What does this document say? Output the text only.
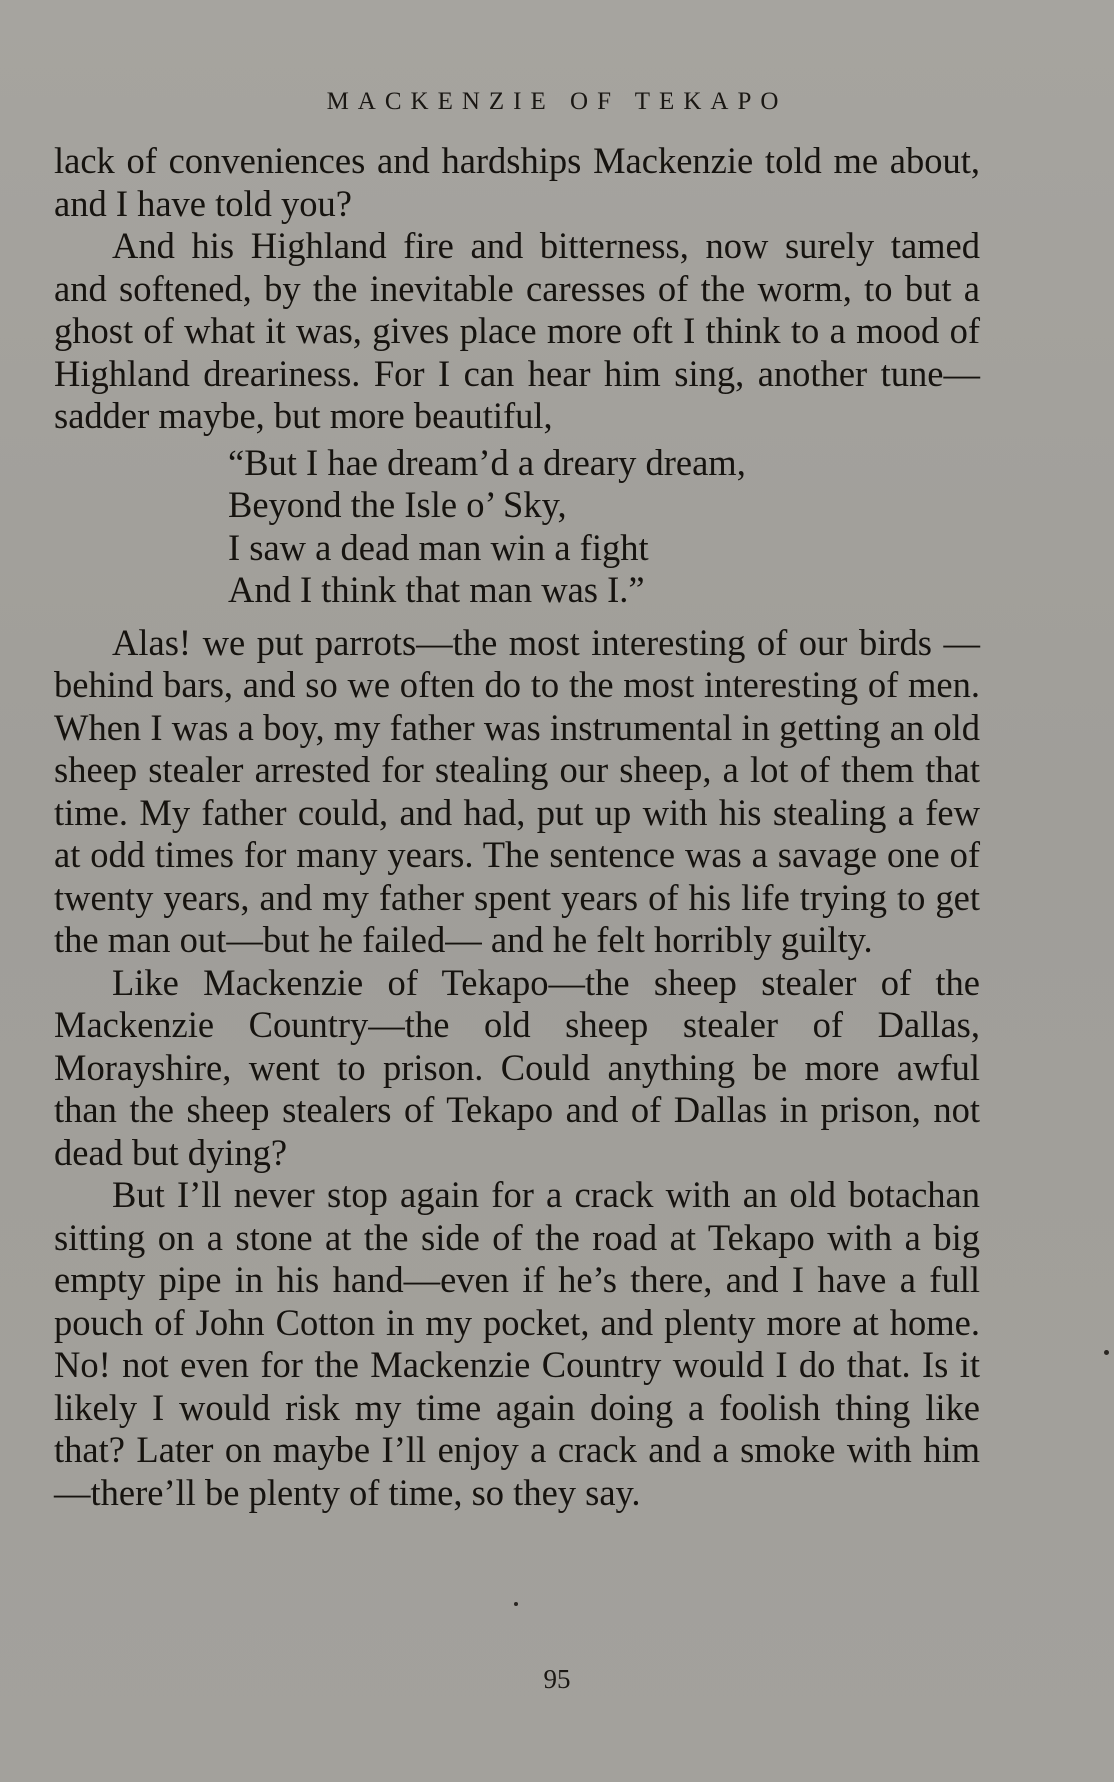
MACKENZIE OF TEKAPO

lack of conveniences and hardships Mackenzie told me about, and I have told you?

And his Highland fire and bitterness, now surely tamed and softened, by the inevitable caresses of the worm, to but a ghost of what it was, gives place more oft I think to a mood of Highland dreariness. For I can hear him sing, another tune—sadder maybe, but more beautiful,

“But I hae dream’d a dreary dream,
Beyond the Isle o’ Sky,
I saw a dead man win a fight
And I think that man was I.”

Alas! we put parrots—the most interesting of our birds —behind bars, and so we often do to the most interesting of men. When I was a boy, my father was instrumental in getting an old sheep stealer arrested for stealing our sheep, a lot of them that time. My father could, and had, put up with his stealing a few at odd times for many years. The sentence was a savage one of twenty years, and my father spent years of his life trying to get the man out—but he failed— and he felt horribly guilty.

Like Mackenzie of Tekapo—the sheep stealer of the Mackenzie Country—the old sheep stealer of Dallas, Morayshire, went to prison. Could anything be more awful than the sheep stealers of Tekapo and of Dallas in prison, not dead but dying?

But I’ll never stop again for a crack with an old botachan sitting on a stone at the side of the road at Tekapo with a big empty pipe in his hand—even if he’s there, and I have a full pouch of John Cotton in my pocket, and plenty more at home. No! not even for the Mackenzie Country would I do that. Is it likely I would risk my time again doing a foolish thing like that? Later on maybe I’ll enjoy a crack and a smoke with him—there’ll be plenty of time, so they say.

95
